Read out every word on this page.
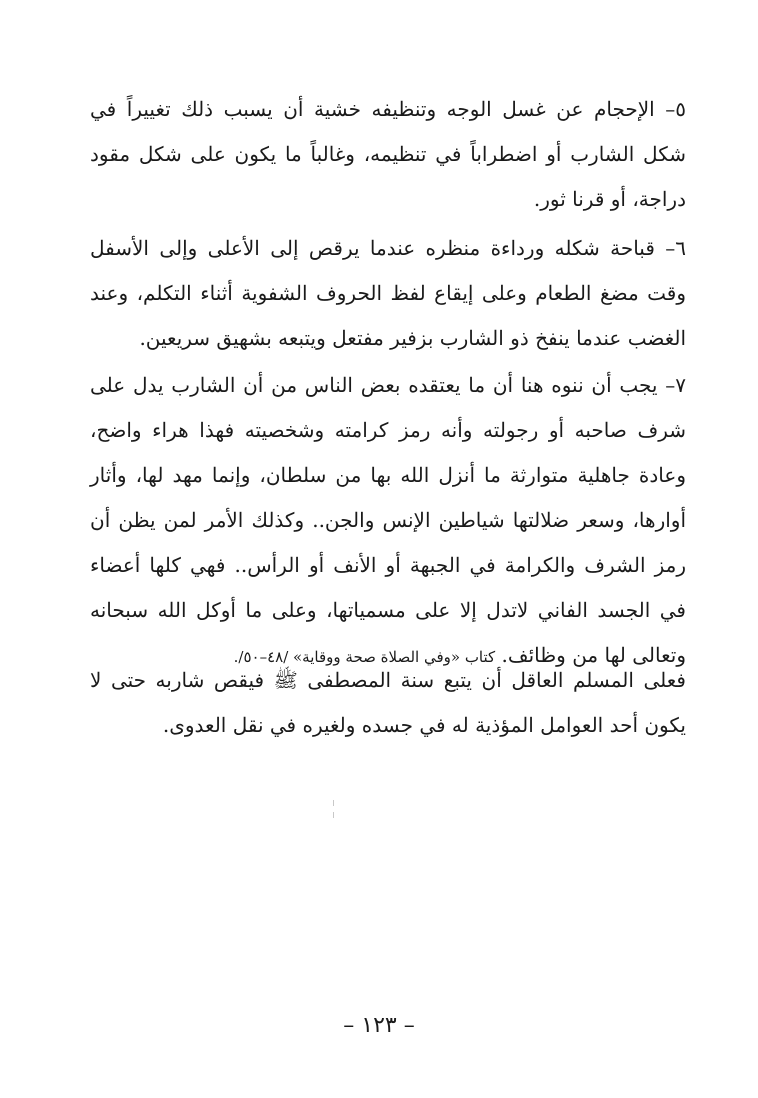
٥– الإحجام عن غسل الوجه وتنظيفه خشية أن يسبب ذلك تغييراً في شكل الشارب أو اضطراباً في تنظيمه، وغالباً ما يكون على شكل مقود دراجة، أو قرنا ثور.
٦– قباحة شكله ورداءة منظره عندما يرقص إلى الأعلى وإلى الأسفل وقت مضغ الطعام وعلى إيقاع لفظ الحروف الشفوية أثناء التكلم، وعند الغضب عندما ينفخ ذو الشارب بزفير مفتعل ويتبعه بشهيق سريعين.
٧– يجب أن ننوه هنا أن ما يعتقده بعض الناس من أن الشارب يدل على شرف صاحبه أو رجولته وأنه رمز كرامته وشخصيته فهذا هراء واضح، وعادة جاهلية متوارثة ما أنزل الله بها من سلطان، وإنما مهد لها، وأثار أوارها، وسعر ضلالتها شياطين الإنس والجن.. وكذلك الأمر لمن يظن أن رمز الشرف والكرامة في الجبهة أو الأنف أو الرأس.. فهي كلها أعضاء في الجسد الفاني لاتدل إلا على مسمياتها، وعلى ما أوكل الله سبحانه وتعالى لها من وظائف. كتاب «وفي الصلاة صحة ووقاية» /٤٨–٥٠/.
فعلى المسلم العاقل أن يتبع سنة المصطفى ﷺ فيقص شاربه حتى لا يكون أحد العوامل المؤذية له في جسده ولغيره في نقل العدوى.
– ١٢٣ –
